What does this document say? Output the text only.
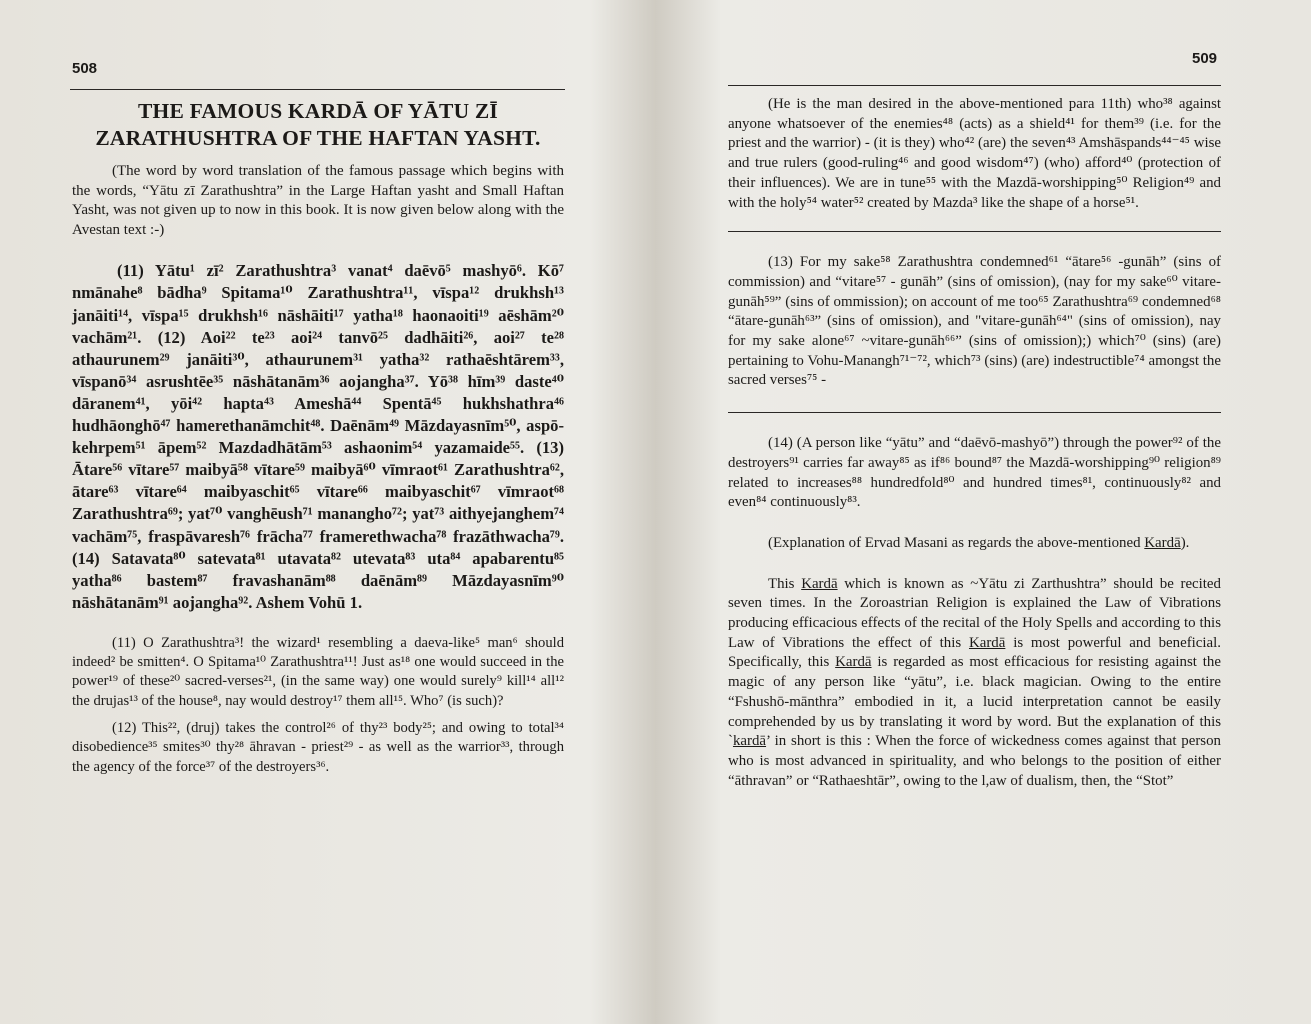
508
THE FAMOUS KARDĀ OF YĀTU ZĪ ZARATHUSHTRA OF THE HAFTAN YASHT.

(The word by word translation of the famous passage which begins with the words, “Yātu zī Zarathushtra” in the Large Haftan yasht and Small Haftan Yasht, was not given up to now in this book. It is now given below along with the Avestan text :-)

(11) Yātu¹ zī² Zarathushtra³ vanat⁴ daēvō⁵ mashyō⁶. Kō⁷ nmānahe⁸ bādha⁹ Spitama¹⁰ Zarathushtra¹¹, vīspa¹² drukhsh¹³ janāiti¹⁴, vīspa¹⁵ drukhsh¹⁶ nāshāiti¹⁷ yatha¹⁸ haonaoiti¹⁹ aēshām²⁰ vachām²¹. (12) Aoi²² te²³ aoi²⁴ tanvō²⁵ dadhāiti²⁶, aoi²⁷ te²⁸ athaurunem²⁹ janāiti³⁰, athaurunem³¹ yatha³² rathaēshtārem³³, vīspanō³⁴ asrushtēe³⁵ nāshātanām³⁶ aojangha³⁷. Yō³⁸ hīm³⁹ daste⁴⁰ dāranem⁴¹, yōi⁴² hapta⁴³ Ameshā⁴⁴ Spentā⁴⁵ hukhshathra⁴⁶ hudhāonghō⁴⁷ hamerethanāmchit⁴⁸. Daēnām⁴⁹ Māzdayasnīm⁵⁰, aspō-kehrpem⁵¹ āpem⁵² Mazdadhātām⁵³ ashaonim⁵⁴ yazamaide⁵⁵. (13) Ātare⁵⁶ vītare⁵⁷ maibyā⁵⁸ vītare⁵⁹ maibyā⁶⁰ vīmraot⁶¹ Zarathushtra⁶², ātare⁶³ vītare⁶⁴ maibyaschit⁶⁵ vītare⁶⁶ maibyaschit⁶⁷ vīmraot⁶⁸ Zarathushtra⁶⁹; yat⁷⁰ vanghēush⁷¹ manangho⁷²; yat⁷³ aithyejanghem⁷⁴ vachām⁷⁵, fraspāvaresh⁷⁶ frācha⁷⁷ framerethwacha⁷⁸ frazāthwacha⁷⁹. (14) Satavata⁸⁰ satevata⁸¹ utavata⁸² utevata⁸³ uta⁸⁴ apabarentu⁸⁵ yatha⁸⁶ bastem⁸⁷ fravashanām⁸⁸ daēnām⁸⁹ Māzdayasnīm⁹⁰ nāshātanām⁹¹ aojangha⁹². Ashem Vohū 1.

(11) O Zarathushtra³! the wizard¹ resembling a daeva-like⁵ man⁶ should indeed² be smitten⁴. O Spitama¹⁰ Zarathushtra¹¹! Just as¹⁸ one would succeed in the power¹⁹ of these²⁰ sacred-verses²¹, (in the same way) one would surely⁹ kill¹⁴ all¹² the drujas¹³ of the house⁸, nay would destroy¹⁷ them all¹⁵. Who⁷ (is such)?

(12) This²², (druj) takes the control²⁶ of thy²³ body²⁵; and owing to total³⁴ disobedience³⁵ smites³⁰ thy²⁸ āhravan - priest²⁹ - as well as the warrior³³, through the agency of the force³⁷ of the destroyers³⁶.

509

(He is the man desired in the above-mentioned para 11th) who³⁸ against anyone whatsoever of the enemies⁴⁸ (acts) as a shield⁴¹ for them³⁹ (i.e. for the priest and the warrior) - (it is they) who⁴² (are) the seven⁴³ Amshāspands⁴⁴⁻⁴⁵ wise and true rulers (good-ruling⁴⁶ and good wisdom⁴⁷) (who) afford⁴⁰ (protection of their influences). We are in tune⁵⁵ with the Mazdā-worshipping⁵⁰ Religion⁴⁹ and with the holy⁵⁴ water⁵² created by Mazda³ like the shape of a horse⁵¹.

(13) For my sake⁵⁸ Zarathushtra condemned⁶¹ “ātare⁵⁶ -gunāh” (sins of commission) and “vitare⁵⁷ - gunāh” (sins of omission), (nay for my sake⁶⁰ vitare-gunāh⁵⁹” (sins of ommission); on account of me too⁶⁵ Zarathushtra⁶⁹ condemned⁶⁸ “ātare-gunāh⁶³” (sins of omission), and "vitare-gunāh⁶⁴" (sins of omission), nay for my sake alone⁶⁷ ~vitare-gunāh⁶⁶” (sins of omission);) which⁷⁰ (sins) (are) pertaining to Vohu-Manangh⁷¹⁻⁷², which⁷³ (sins) (are) indestructible⁷⁴ amongst the sacred verses⁷⁵ -

(14) (A person like “yātu” and “daēvō-mashyō”) through the power⁹² of the destroyers⁹¹ carries far away⁸⁵ as if⁸⁶ bound⁸⁷ the Mazdā-worshipping⁹⁰ religion⁸⁹ related to increases⁸⁸ hundredfold⁸⁰ and hundred times⁸¹, continuously⁸² and even⁸⁴ continuously⁸³.

(Explanation of Ervad Masani as regards the above-mentioned Kardā).

This Kardā which is known as ~Yātu zi Zarthushtra” should be recited seven times. In the Zoroastrian Religion is explained the Law of Vibrations producing efficacious effects of the recital of the Holy Spells and according to this Law of Vibrations the effect of this Kardā is most powerful and beneficial. Specifically, this Kardā is regarded as most efficacious for resisting against the magic of any person like “yātu”, i.e. black magician. Owing to the entire “Fshushō-mānthra” embodied in it, a lucid interpretation cannot be easily comprehended by us by translating it word by word. But the explanation of this `kardā’ in short is this : When the force of wickedness comes against that person who is most advanced in spirituality, and who belongs to the position of either “āthravan” or “Rathaeshtār”, owing to the l,aw of dualism, then, the “Stot”
